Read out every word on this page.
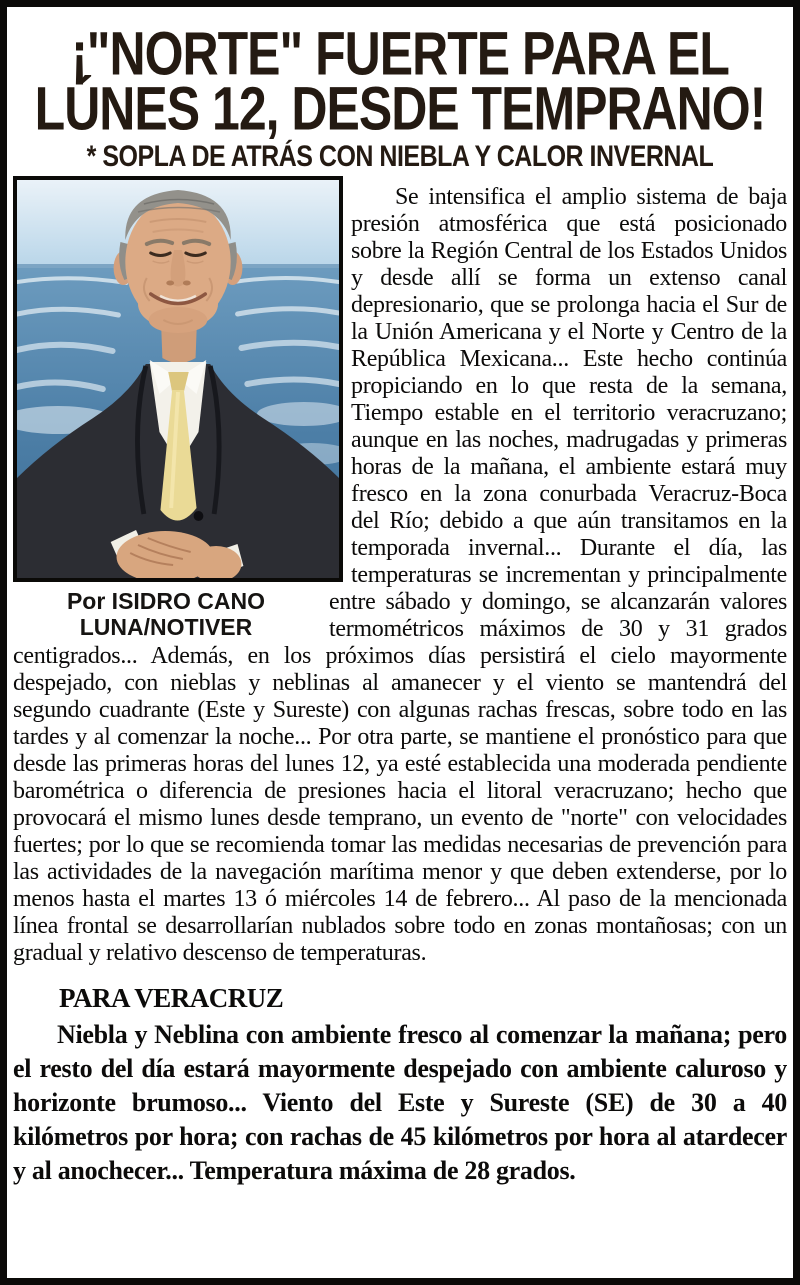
¡"NORTE" FUERTE PARA EL
LÚNES 12, DESDE TEMPRANO!
* SOPLA DE ATRÁS CON NIEBLA Y CALOR INVERNAL
Por ISIDRO CANO
LUNA/NOTIVER

Se intensifica el amplio sistema de baja presión atmosférica que está posicionado sobre la Región Central de los Estados Unidos y desde allí se forma un extenso canal depresionario, que se prolonga hacia el Sur de la Unión Americana y el Norte y Centro de la República Mexicana... Este hecho continúa propiciando en lo que resta de la semana, Tiempo estable en el territorio veracruzano; aunque en las noches, madrugadas y primeras horas de la mañana, el ambiente estará muy fresco en la zona conurbada Veracruz-Boca del Río; debido a que aún transitamos en la temporada invernal... Durante el día, las temperaturas se incrementan y principalmente entre sábado y domingo, se alcanzarán valores termométricos máximos de 30 y 31 grados centigrados... Además, en los próximos días persistirá el cielo mayormente despejado, con nieblas y neblinas al amanecer y el viento se mantendrá del segundo cuadrante (Este y Sureste) con algunas rachas frescas, sobre todo en las tardes y al comenzar la noche... Por otra parte, se mantiene el pronóstico para que desde las primeras horas del lunes 12, ya esté establecida una moderada pendiente barométrica o diferencia de presiones hacia el litoral veracruzano; hecho que provocará el mismo lunes desde temprano, un evento de "norte" con velocidades fuertes; por lo que se recomienda tomar las medidas necesarias de prevención para las actividades de la navegación marítima menor y que deben extenderse, por lo menos hasta el martes 13 ó miércoles 14 de febrero... Al paso de la mencionada línea frontal se desarrollarían nublados sobre todo en zonas montañosas; con un gradual y relativo descenso de temperaturas.

PARA VERACRUZ

Niebla y Neblina con ambiente fresco al comenzar la mañana; pero el resto del día estará mayormente despejado con ambiente caluroso y horizonte brumoso... Viento del Este y Sureste (SE) de 30 a 40 kilómetros por hora; con rachas de 45 kilómetros por hora al atardecer y al anochecer... Temperatura máxima de 28 grados.
